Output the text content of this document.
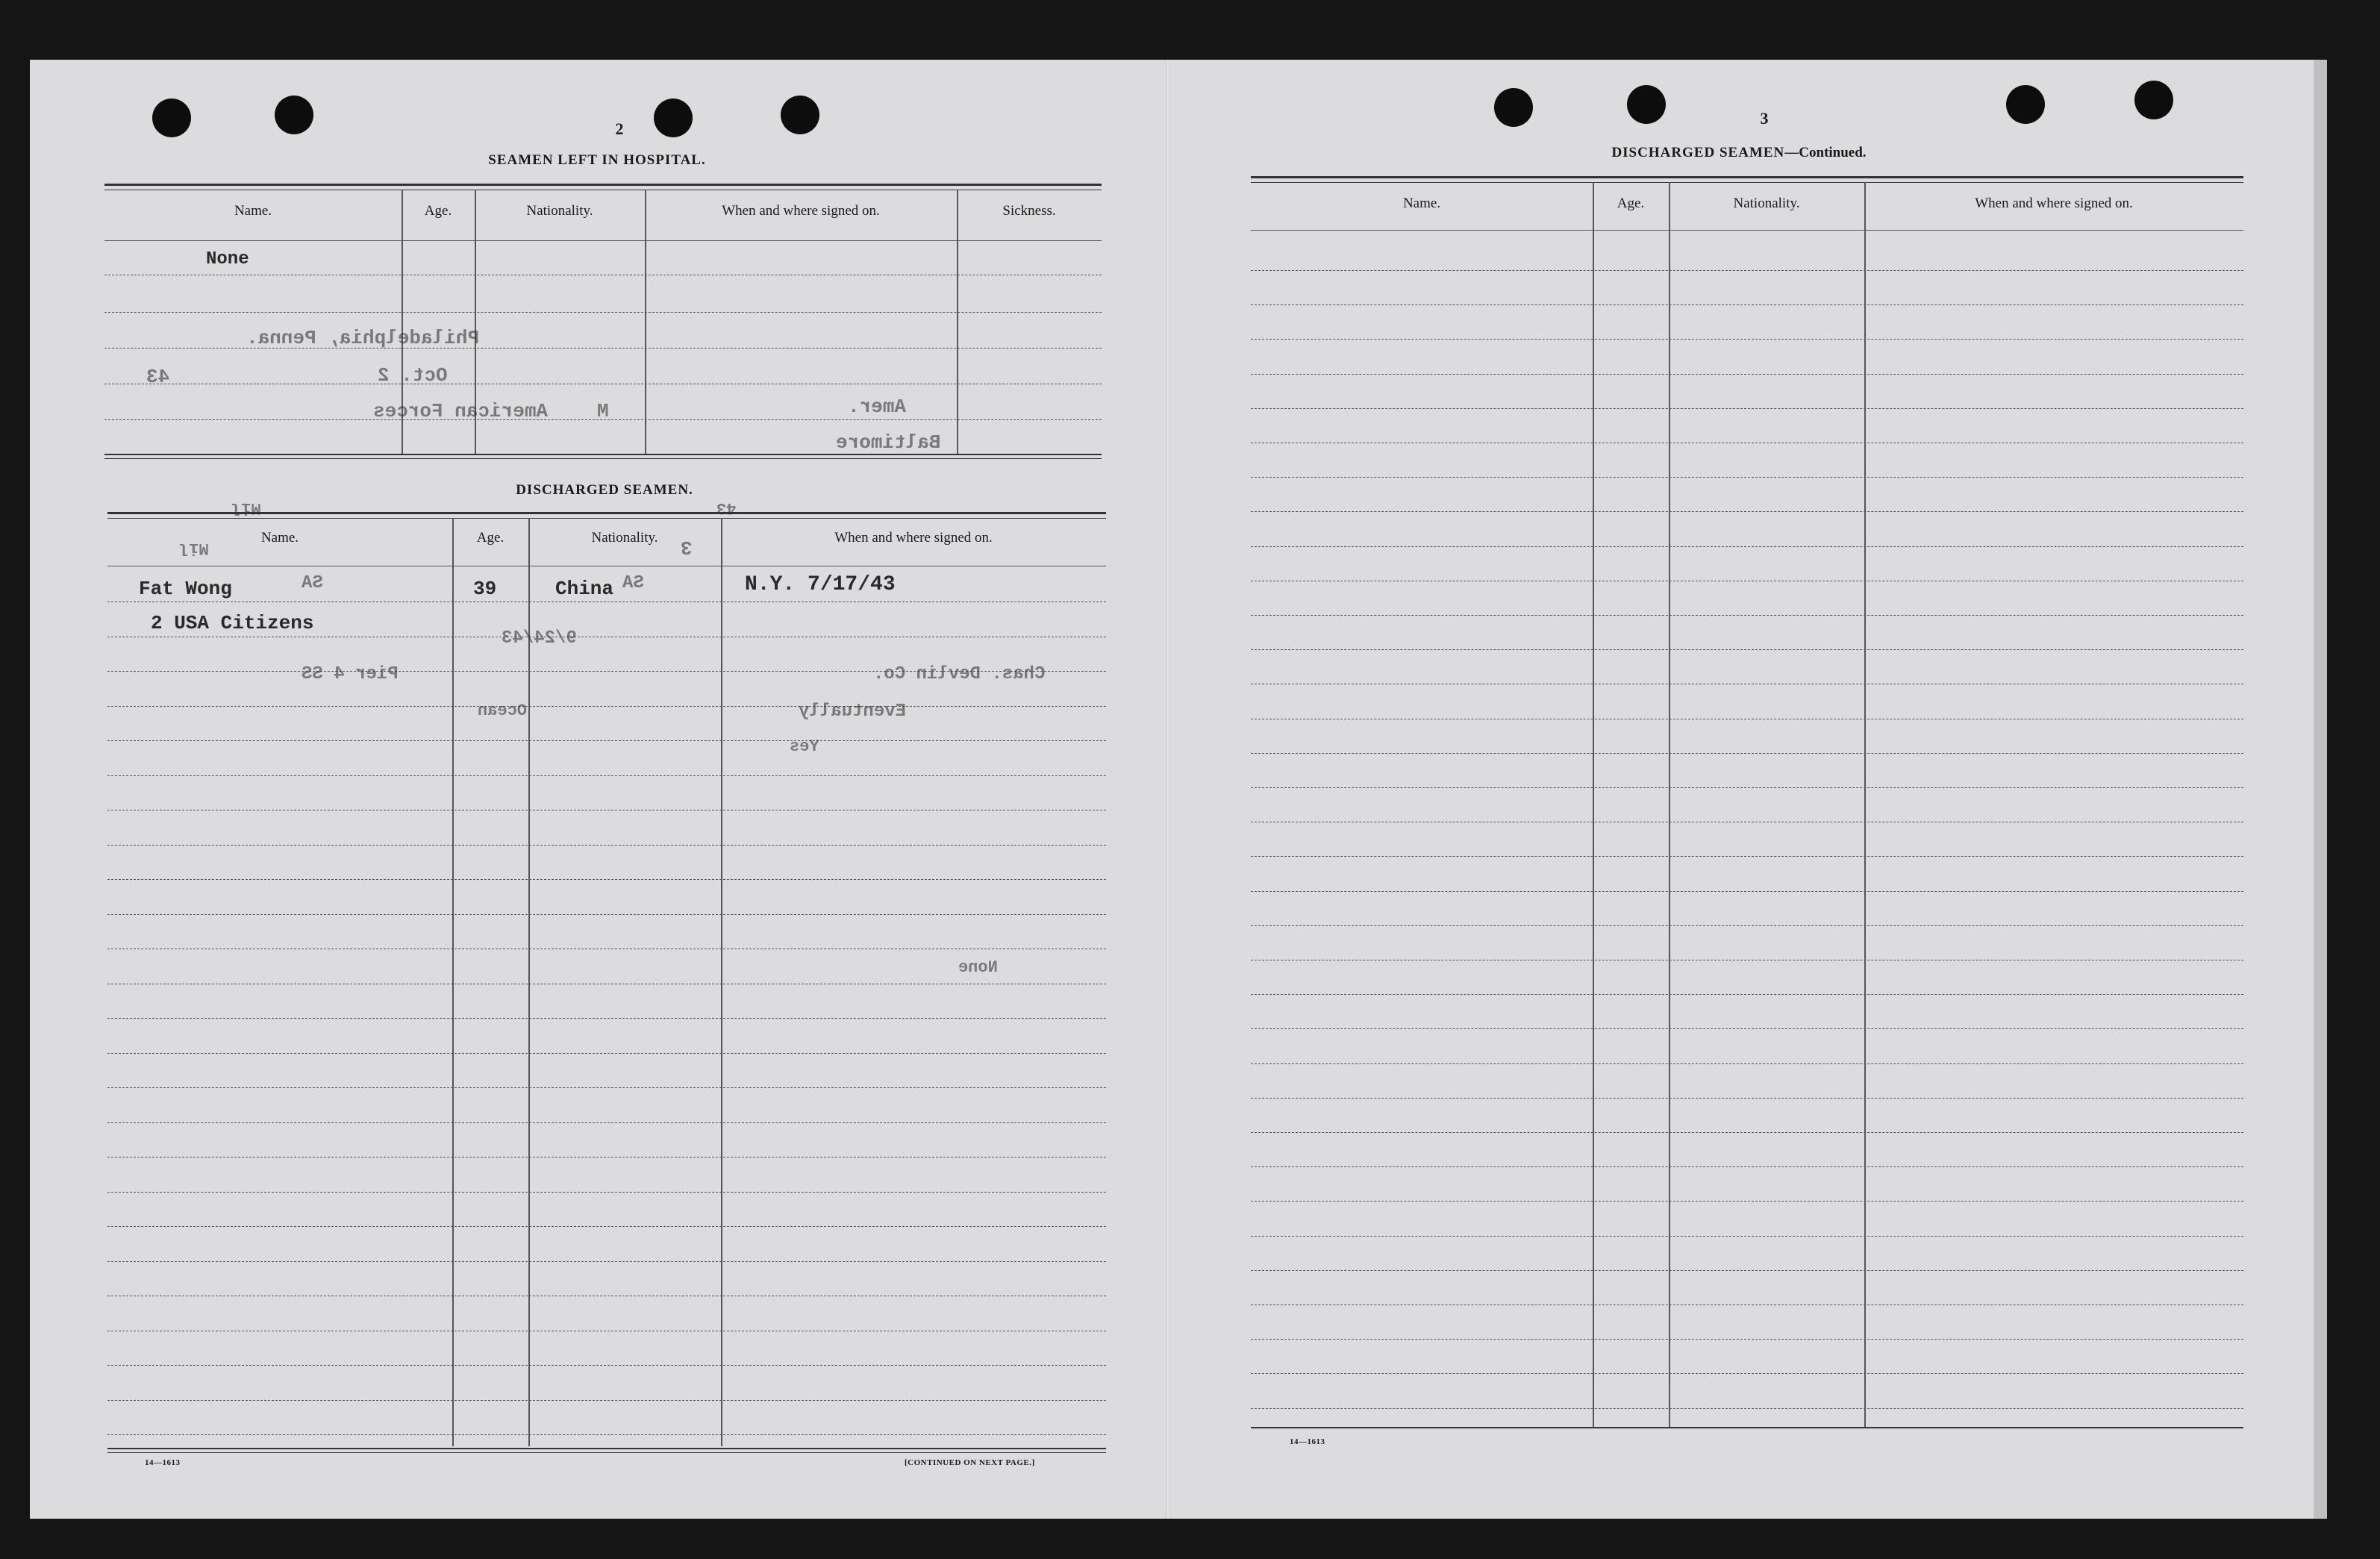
2
SEAMEN LEFT IN HOSPITAL.
Name.	Age.	Nationality.	When and where signed on.	Sickness.
None
Philadelphia, Penna.
Oct. 2
43
American Forces	M	Amer.
Baltimore
DISCHARGED SEAMEN.
Mil	43
Name.	Age.	Nationality.	When and where signed on.
Mil	3
Fat Wong	39	China	N.Y. 7/17/43
2 USA Citizens
SA	SA
9/24/43
Chas. Devlin Co.
Pier 4 SS
Eventually
Ocean
Yes
None
14—1613	[CONTINUED ON NEXT PAGE.]
3
DISCHARGED SEAMEN—Continued.
Name.	Age.	Nationality.	When and where signed on.
14—1613
